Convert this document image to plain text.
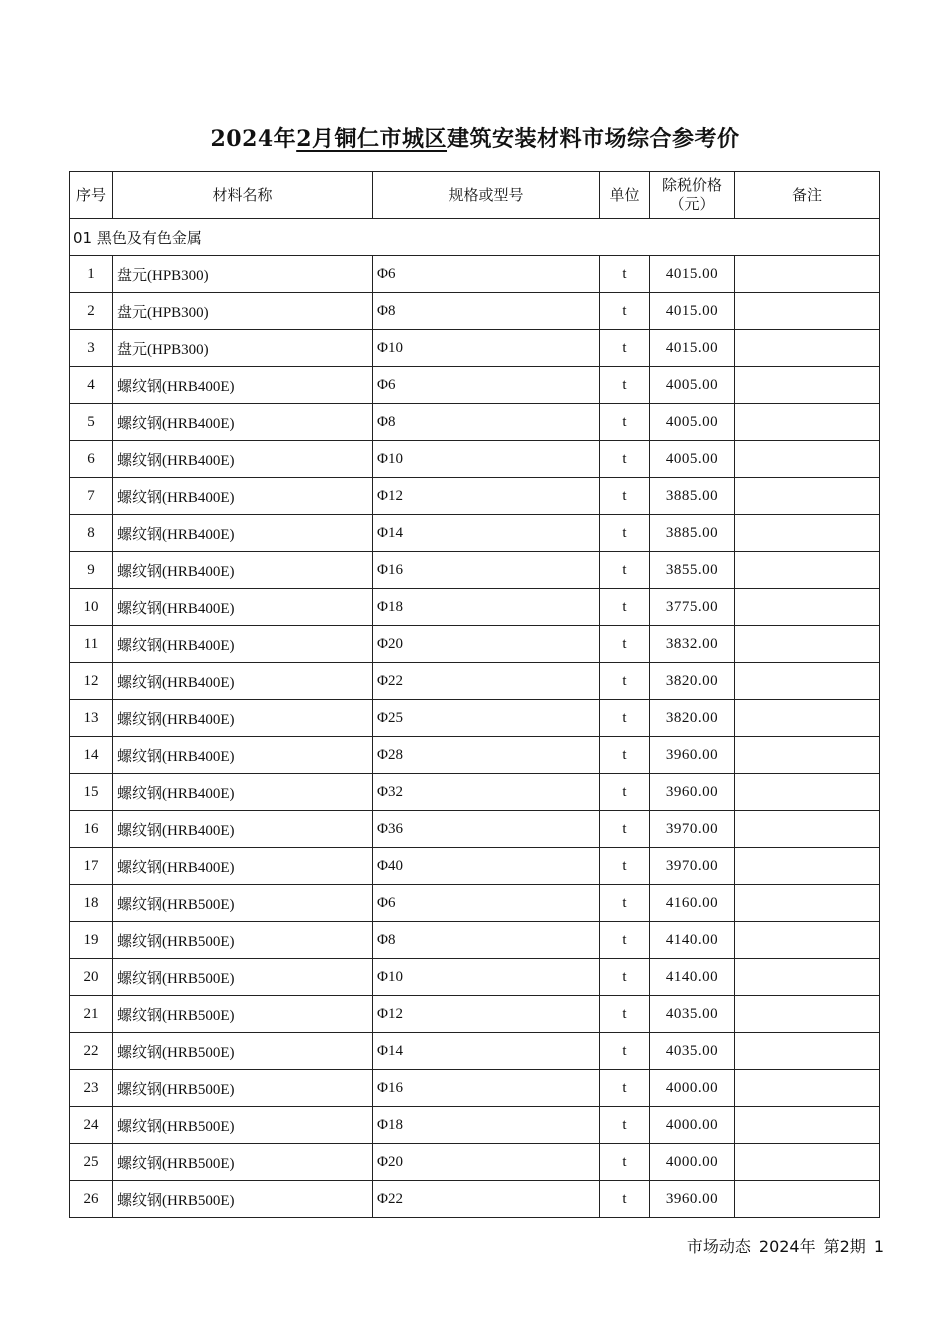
2024年2月铜仁市城区建筑安装材料市场综合参考价
序号	材料名称	规格或型号	单位	除税价格
（元）	备注
01 黑色及有色金属					
1	盘元(HPB300)	Φ6	t	4015.00	
2	盘元(HPB300)	Φ8	t	4015.00	
3	盘元(HPB300)	Φ10	t	4015.00	
4	螺纹钢(HRB400E)	Φ6	t	4005.00	
5	螺纹钢(HRB400E)	Φ8	t	4005.00	
6	螺纹钢(HRB400E)	Φ10	t	4005.00	
7	螺纹钢(HRB400E)	Φ12	t	3885.00	
8	螺纹钢(HRB400E)	Φ14	t	3885.00	
9	螺纹钢(HRB400E)	Φ16	t	3855.00	
10	螺纹钢(HRB400E)	Φ18	t	3775.00	
11	螺纹钢(HRB400E)	Φ20	t	3832.00	
12	螺纹钢(HRB400E)	Φ22	t	3820.00	
13	螺纹钢(HRB400E)	Φ25	t	3820.00	
14	螺纹钢(HRB400E)	Φ28	t	3960.00	
15	螺纹钢(HRB400E)	Φ32	t	3960.00	
16	螺纹钢(HRB400E)	Φ36	t	3970.00	
17	螺纹钢(HRB400E)	Φ40	t	3970.00	
18	螺纹钢(HRB500E)	Φ6	t	4160.00	
19	螺纹钢(HRB500E)	Φ8	t	4140.00	
20	螺纹钢(HRB500E)	Φ10	t	4140.00	
21	螺纹钢(HRB500E)	Φ12	t	4035.00	
22	螺纹钢(HRB500E)	Φ14	t	4035.00	
23	螺纹钢(HRB500E)	Φ16	t	4000.00	
24	螺纹钢(HRB500E)	Φ18	t	4000.00	
25	螺纹钢(HRB500E)	Φ20	t	4000.00	
26	螺纹钢(HRB500E)	Φ22	t	3960.00	
市场动态 2024年 第2期 1
